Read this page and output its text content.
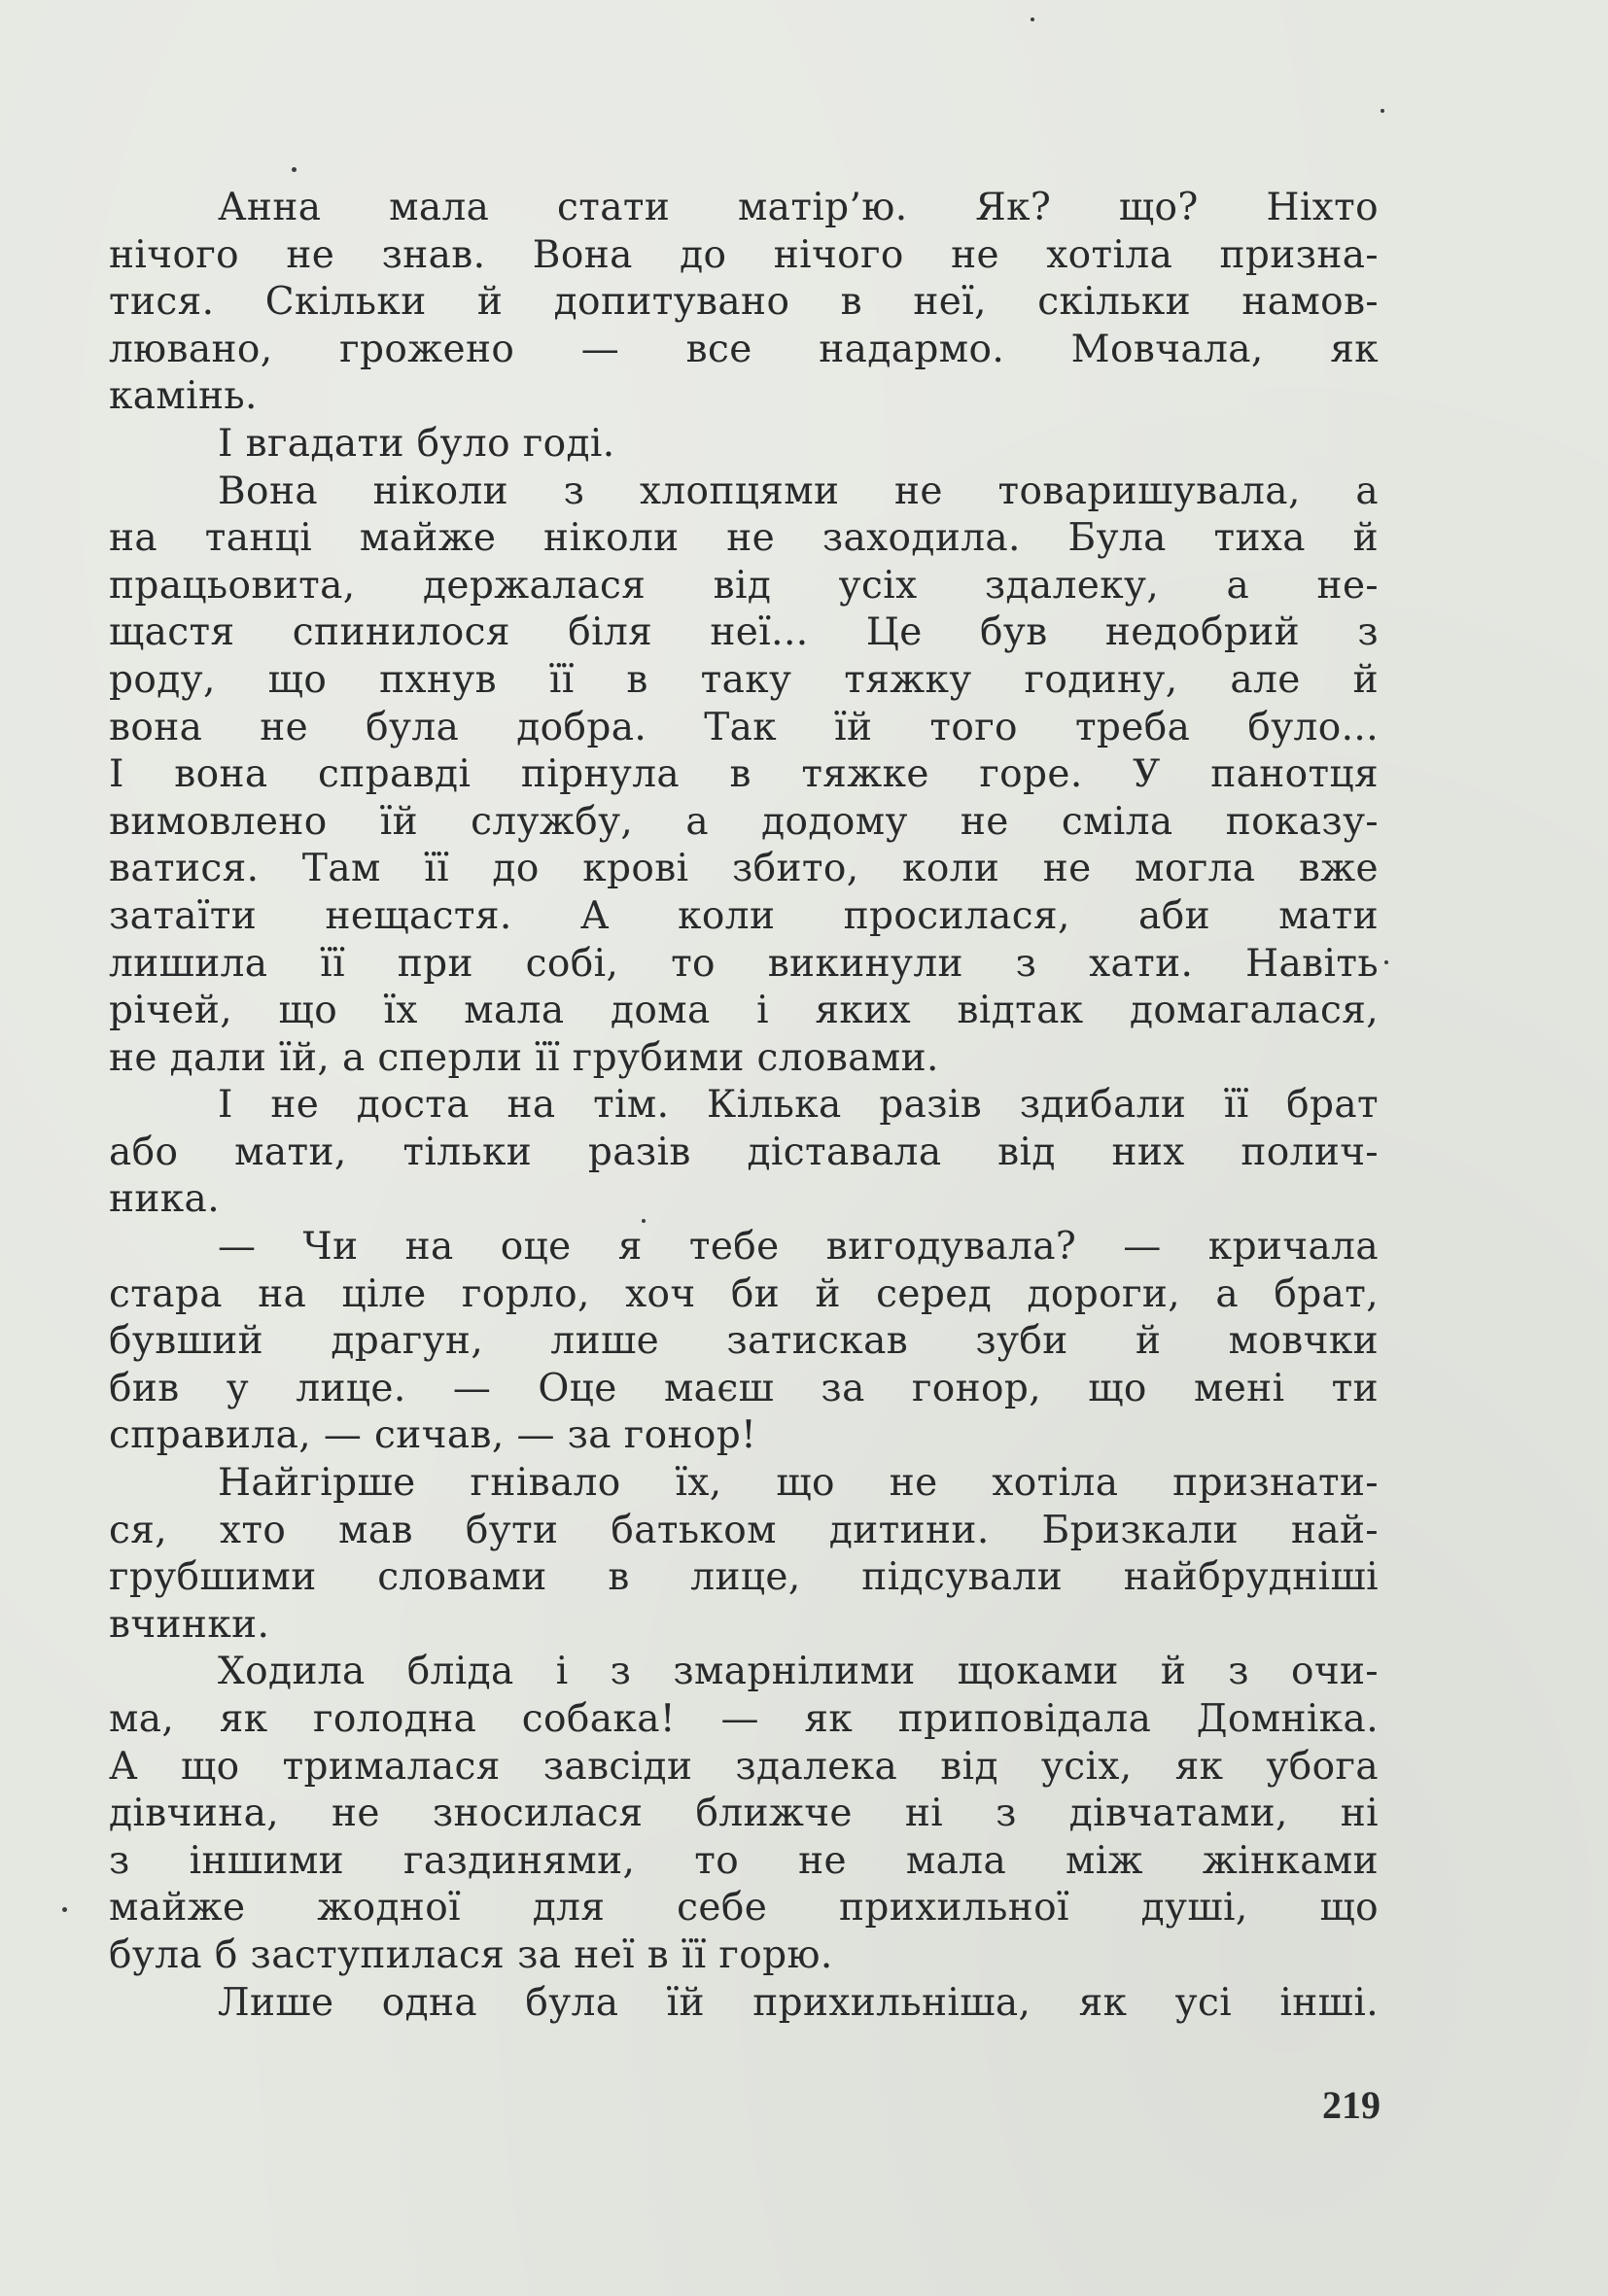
Анна мала стати матір’ю. Як? що? Ніхто
нічого не знав. Вона до нічого не хотіла призна-
тися. Скільки й допитувано в неї, скільки намов-
люванo, грожено — все надармо. Мовчала, як
камінь.
І вгадати було годі.
Вона ніколи з хлопцями не товаришувала, а
на танці майже ніколи не заходила. Була тиха й
працьовита, держалася від усіх здалеку, а не-
щастя спинилося біля неї... Це був недобрий з
роду, що пхнув її в таку тяжку годину, але й
вона не була добра. Так їй того треба було...
І вона справді пірнула в тяжке горе. У панотця
вимовлено їй службу, а додому не сміла показу-
ватися. Там її до крові збито, коли не могла вже
затаїти нещастя. А коли просилася, аби мати
лишила її при собі, то викинули з хати. Навіть
річей, що їх мала дома і яких відтак домагалася,
не дали їй, а сперли її грубими словами.
І не доста на тім. Кілька разів здибали її брат
або мати, тільки разів діставала від них полич-
ника.
— Чи на оце я тебе вигодувала? — кричала
стара на ціле горло, хоч би й серед дороги, а брат,
бувший драгун, лише затискав зуби й мовчки
бив у лице. — Оце маєш за гонор, що мені ти
справила, — сичав, — за гонор!
Найгірше гнівало їх, що не хотіла признати-
ся, хто мав бути батьком дитини. Бризкали най-
грубшими словами в лице, підсували найбрудніші
вчинки.
Ходила бліда і з змарнілими щоками й з очи-
ма, як голодна собака! — як приповідала Домніка.
А що трималася завсіди здалека від усіх, як убога
дівчина, не зносилася ближче ні з дівчатами, ні
з іншими газдинями, то не мала між жінками
майже жодної для себе прихильної душі, що
була б заступилася за неї в її горю.
Лише одна була їй прихильніша, як усі інші.
219
